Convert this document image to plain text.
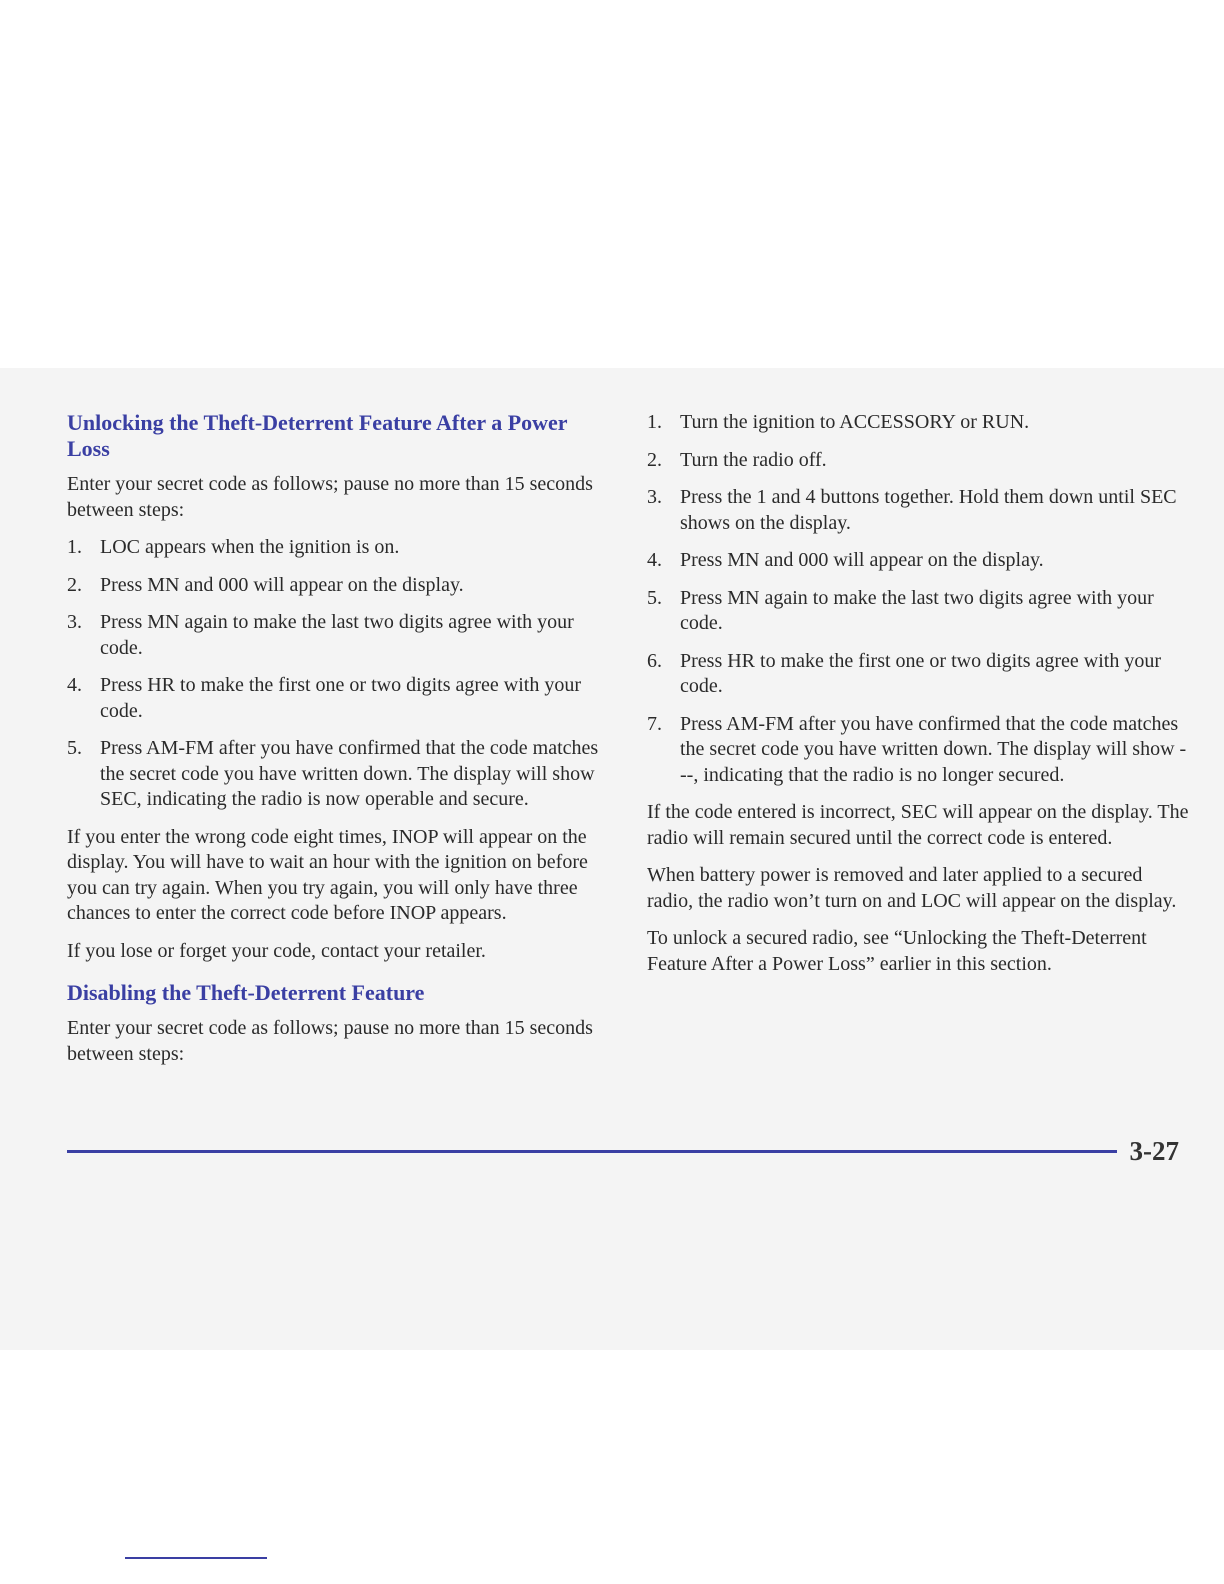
Unlocking the Theft-Deterrent Feature After a Power Loss

Enter your secret code as follows; pause no more than 15 seconds between steps:

1. LOC appears when the ignition is on.
2. Press MN and 000 will appear on the display.
3. Press MN again to make the last two digits agree with your code.
4. Press HR to make the first one or two digits agree with your code.
5. Press AM-FM after you have confirmed that the code matches the secret code you have written down. The display will show SEC, indicating the radio is now operable and secure.

If you enter the wrong code eight times, INOP will appear on the display. You will have to wait an hour with the ignition on before you can try again. When you try again, you will only have three chances to enter the correct code before INOP appears.

If you lose or forget your code, contact your retailer.

Disabling the Theft-Deterrent Feature

Enter your secret code as follows; pause no more than 15 seconds between steps:

1. Turn the ignition to ACCESSORY or RUN.
2. Turn the radio off.
3. Press the 1 and 4 buttons together. Hold them down until SEC shows on the display.
4. Press MN and 000 will appear on the display.
5. Press MN again to make the last two digits agree with your code.
6. Press HR to make the first one or two digits agree with your code.
7. Press AM-FM after you have confirmed that the code matches the secret code you have written down. The display will show ---, indicating that the radio is no longer secured.

If the code entered is incorrect, SEC will appear on the display. The radio will remain secured until the correct code is entered.

When battery power is removed and later applied to a secured radio, the radio won’t turn on and LOC will appear on the display.

To unlock a secured radio, see “Unlocking the Theft-Deterrent Feature After a Power Loss” earlier in this section.

3-27
